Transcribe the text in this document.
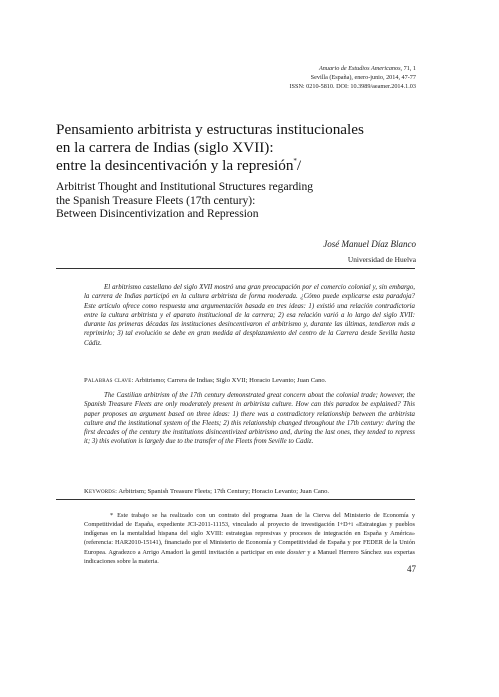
Anuario de Estudios Americanos, 71, 1
Sevilla (España), enero-junio, 2014, 47-77
ISSN: 0210-5810. DOI: 10.3989/aeamer.2014.1.03
Pensamiento arbitrista y estructuras institucionales
en la carrera de Indias (siglo XVII):
entre la desincentivación y la represión*/
Arbitrist Thought and Institutional Structures regarding
the Spanish Treasure Fleets (17th century):
Between Disincentivization and Repression
José Manuel Díaz Blanco
Universidad de Huelva

El arbitrismo castellano del siglo XVII mostró una gran preocupación por el comercio colonial y, sin embargo, la carrera de Indias participó en la cultura arbitrista de forma moderada. ¿Cómo puede explicarse esta paradoja? Este artículo ofrece como respuesta una argumentación basada en tres ideas: 1) existió una relación contradictoria entre la cultura arbitrista y el aparato institucional de la carrera; 2) esa relación varió a lo largo del siglo XVII: durante las primeras décadas las instituciones desincentivaron el arbitrismo y, durante las últimas, tendieron más a reprimirlo; 3) tal evolución se debe en gran medida al desplazamiento del centro de la Carrera desde Sevilla hasta Cádiz.

Palabras clave: Arbitrismo; Carrera de Indias; Siglo XVII; Horacio Levanto; Juan Cano.

The Castilian arbitrism of the 17th century demonstrated great concern about the colonial trade; however, the Spanish Treasure Fleets are only moderately present in arbitrista culture. How can this paradox be explained? This paper proposes an argument based on three ideas: 1) there was a contradictory relationship between the arbitrista culture and the institutional system of the Fleets; 2) this relationship changed throughout the 17th century: during the first decades of the century the institutions disincentivized arbitrismo and, during the last ones, they tended to repress it; 3) this evolution is largely due to the transfer of the Fleets from Seville to Cadiz.

Keywords: Arbitrism; Spanish Treasure Fleets; 17th Century; Horacio Levanto; Juan Cano.

* Este trabajo se ha realizado con un contrato del programa Juan de la Cierva del Ministerio de Economía y Competitividad de España, expediente JCI-2011-11153, vinculado al proyecto de investigación I+D+i «Estrategias y pueblos indígenas en la mentalidad hispana del siglo XVIII: estrategias represivas y procesos de integración en España y América» (referencia: HAR2010-15141), financiado por el Ministerio de Economía y Competitividad de España y por FEDER de la Unión Europea. Agradezco a Arrigo Amadori la gentil invitación a participar en este dossier y a Manuel Herrero Sánchez sus expertas indicaciones sobre la materia.

47
